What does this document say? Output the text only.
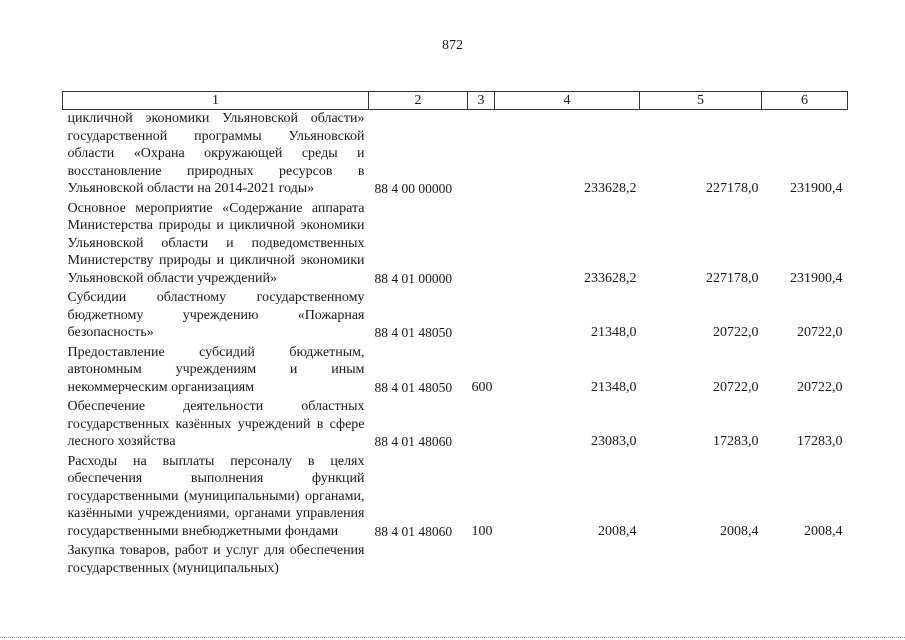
872
1	2	3	4	5	6
цикличной экономики Ульяновской области» государственной программы Ульяновской области «Охрана окружающей среды и восстановление природных ресурсов в Ульяновской области на 2014-2021 годы»	88 4 00 00000		233628,2	227178,0	231900,4
Основное мероприятие «Содержание аппарата Министерства природы и цикличной экономики Ульяновской области и подведомственных Министерству природы и цикличной экономики Ульяновской области учреждений»	88 4 01 00000		233628,2	227178,0	231900,4
Субсидии областному государственному бюджетному учреждению «Пожарная безопасность»	88 4 01 48050		21348,0	20722,0	20722,0
Предоставление субсидий бюджетным, автономным учреждениям и иным некоммерческим организациям	88 4 01 48050	600	21348,0	20722,0	20722,0
Обеспечение деятельности областных государственных казённых учреждений в сфере лесного хозяйства	88 4 01 48060		23083,0	17283,0	17283,0
Расходы на выплаты персоналу в целях обеспечения выполнения функций государственными (муниципальными) органами, казёнными учреждениями, органами управления государственными внебюджетными фондами	88 4 01 48060	100	2008,4	2008,4	2008,4
Закупка товаров, работ и услуг для обеспечения государственных (муниципальных)					
